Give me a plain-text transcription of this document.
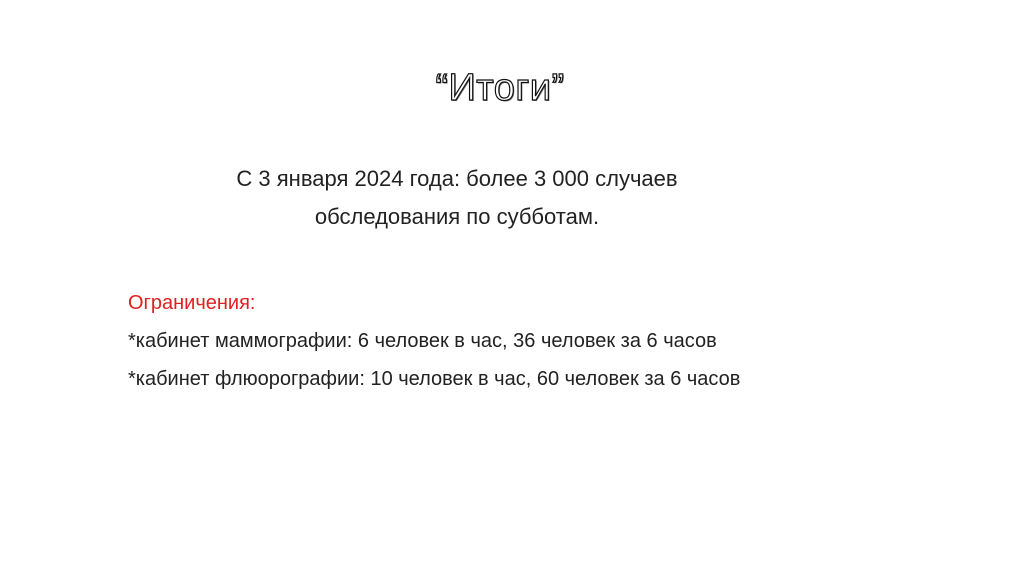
“Итоги”
С 3 января 2024 года: более 3 000 случаев
обследования по субботам.
Ограничения:
*кабинет маммографии: 6 человек в час, 36 человек за 6 часов
*кабинет флюорографии: 10 человек в час, 60 человек за 6 часов
